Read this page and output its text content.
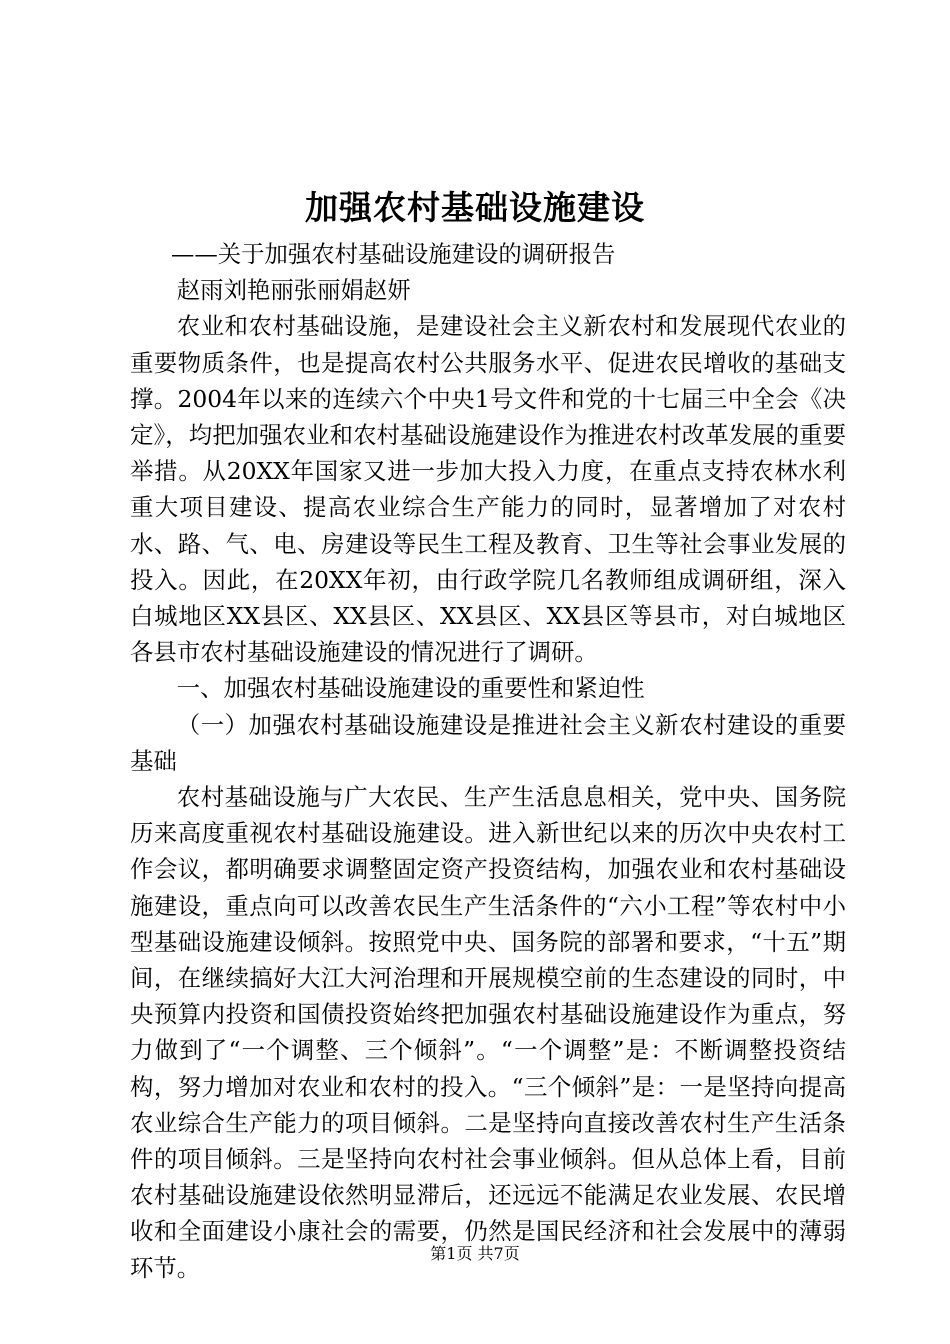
加强农村基础设施建设

——关于加强农村基础设施建设的调研报告

赵雨刘艳丽张丽娟赵妍

农业和农村基础设施，是建设社会主义新农村和发展现代农业的重要物质条件，也是提高农村公共服务水平、促进农民增收的基础支撑。2004年以来的连续六个中央1号文件和党的十七届三中全会《决定》，均把加强农业和农村基础设施建设作为推进农村改革发展的重要举措。从20XX年国家又进一步加大投入力度，在重点支持农林水利重大项目建设、提高农业综合生产能力的同时，显著增加了对农村水、路、气、电、房建设等民生工程及教育、卫生等社会事业发展的投入。因此，在20XX年初，由行政学院几名教师组成调研组，深入白城地区XX县区、XX县区、XX县区、XX县区等县市，对白城地区各县市农村基础设施建设的情况进行了调研。

一、加强农村基础设施建设的重要性和紧迫性

（一）加强农村基础设施建设是推进社会主义新农村建设的重要基础

农村基础设施与广大农民、生产生活息息相关，党中央、国务院历来高度重视农村基础设施建设。进入新世纪以来的历次中央农村工作会议，都明确要求调整固定资产投资结构，加强农业和农村基础设施建设，重点向可以改善农民生产生活条件的“六小工程”等农村中小型基础设施建设倾斜。按照党中央、国务院的部署和要求，“十五”期间，在继续搞好大江大河治理和开展规模空前的生态建设的同时，中央预算内投资和国债投资始终把加强农村基础设施建设作为重点，努力做到了“一个调整、三个倾斜”。“一个调整”是：不断调整投资结构，努力增加对农业和农村的投入。“三个倾斜”是：一是坚持向提高农业综合生产能力的项目倾斜。二是坚持向直接改善农村生产生活条件的项目倾斜。三是坚持向农村社会事业倾斜。但从总体上看，目前农村基础设施建设依然明显滞后，还远远不能满足农业发展、农民增收和全面建设小康社会的需要，仍然是国民经济和社会发展中的薄弱环节。

第1页 共7页
